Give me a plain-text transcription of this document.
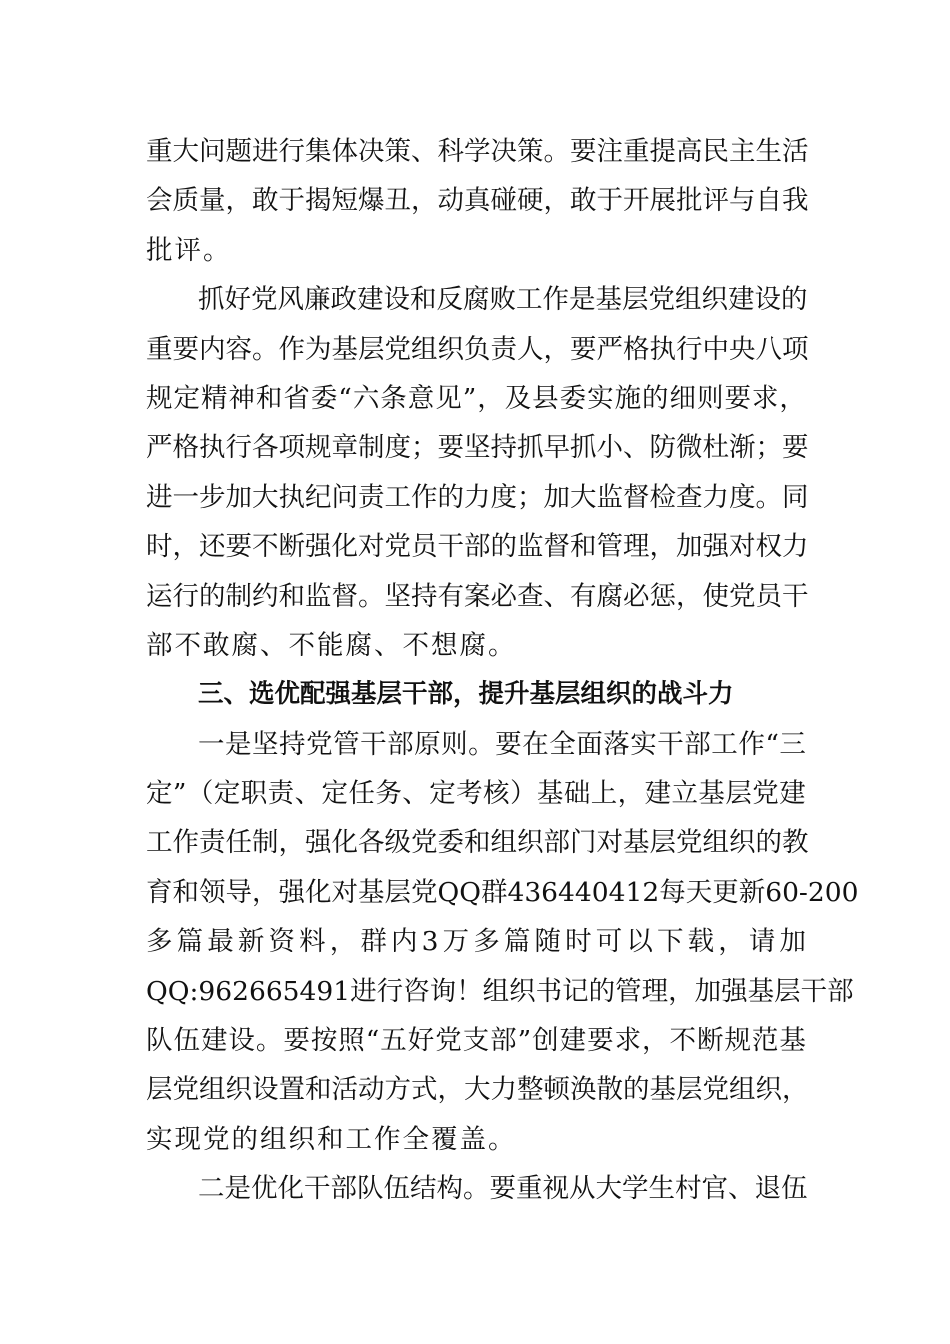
重 大 问 题 进 行 集 体 决 策 、 科 学 决 策 。 要 注 重 提 高 民 主 生 活
会 质 量 ， 敢 于 揭 短 爆 丑 ， 动 真 碰 硬 ， 敢 于 开 展 批 评 与 自 我
批评。
抓 好 党 风 廉 政 建 设 和 反 腐 败 工 作 是 基 层 党 组 织 建 设 的
重 要 内 容 。 作 为 基 层 党 组 织 负 责 人 ， 要 严 格 执 行 中 央 八 项
规 定 精 神 和 省 委 “ 六 条 意 见 ” ， 及 县 委 实 施 的 细 则 要 求 ，
严 格 执 行 各 项 规 章 制 度 ； 要 坚 持 抓 早 抓 小 、 防 微 杜 渐 ； 要
进 一 步 加 大 执 纪 问 责 工 作 的 力 度 ； 加 大 监 督 检 查 力 度 。 同
时 ， 还 要 不 断 强 化 对 党 员 干 部 的 监 督 和 管 理 ， 加 强 对 权 力
运 行 的 制 约 和 监 督 。 坚 持 有 案 必 查 、 有 腐 必 惩 ， 使 党 员 干
部不敢腐、不能腐、不想腐。
三、选优配强基层干部，提升基层组织的战斗力
一 是 坚 持 党 管 干 部 原 则 。 要 在 全 面 落 实 干 部 工 作 “ 三
定 ” （ 定 职 责 、 定 任 务 、 定 考 核 ） 基 础 上 ， 建 立 基 层 党 建
工 作 责 任 制 ， 强 化 各 级 党 委 和 组 织 部 门 对 基 层 党 组 织 的 教
育 和 领 导 ， 强 化 对 基 层 党 QQ 群 436440412 每 天 更 新 60-200
多 篇 最 新 资 料 ， 群 内 3 万 多 篇 随 时 可 以 下 载 ， 请 加
QQ:962665491 进 行 咨 询 ！ 组 织 书 记 的 管 理 ， 加 强 基 层 干 部
队 伍 建 设 。 要 按 照 “ 五 好 党 支 部 ” 创 建 要 求 ， 不 断 规 范 基
层 党 组 织 设 置 和 活 动 方 式 ， 大 力 整 顿 涣 散 的 基 层 党 组 织 ，
实现党的组织和工作全覆盖。
二 是 优 化 干 部 队 伍 结 构 。 要 重 视 从 大 学 生 村 官 、 退 伍
